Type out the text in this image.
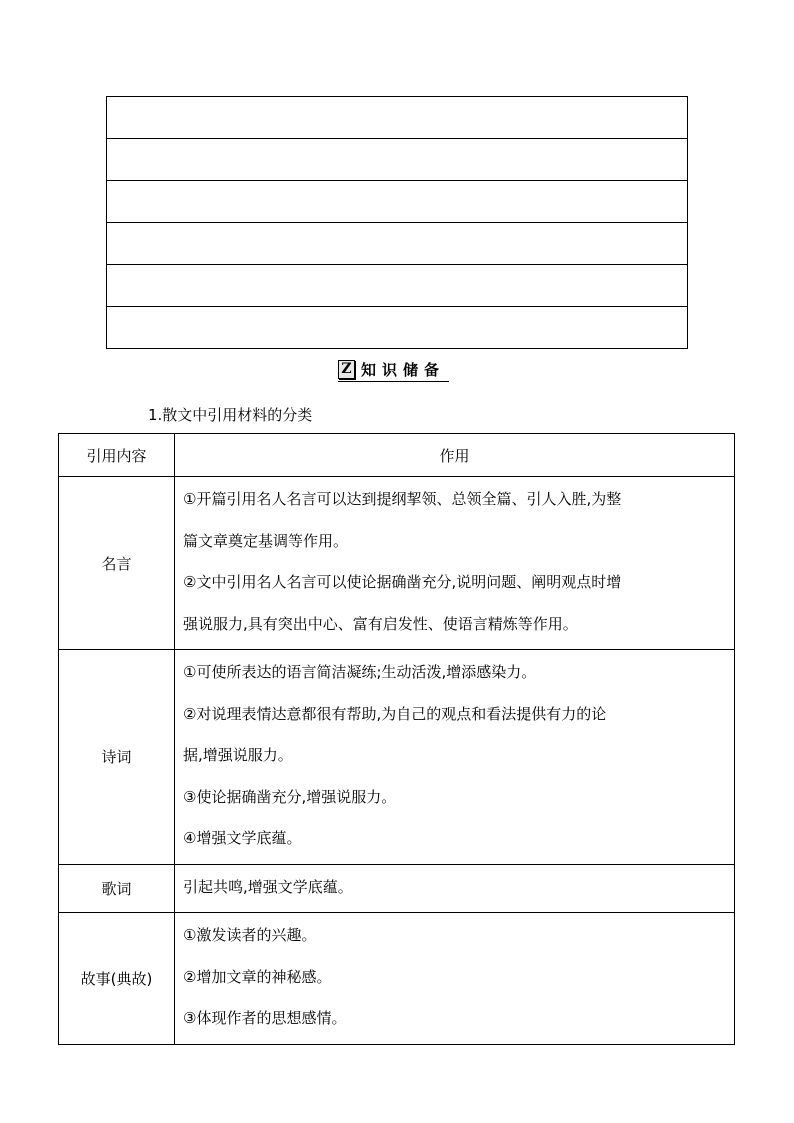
Z 知识储备
1.散文中引用材料的分类
引用内容	作用
名言	①开篇引用名人名言可以达到提纲挈领、总领全篇、引人入胜,为整

篇文章奠定基调等作用。

②文中引用名人名言可以使论据确凿充分,说明问题、阐明观点时增

强说服力,具有突出中心、富有启发性、使语言精炼等作用。

诗词	①可使所表达的语言简洁凝练;生动活泼,增添感染力。

②对说理表情达意都很有帮助,为自己的观点和看法提供有力的论

据,增强说服力。

③使论据确凿充分,增强说服力。

④增强文学底蕴。

歌词	引起共鸣,增强文学底蕴。

故事(典故)	①激发读者的兴趣。

②增加文章的神秘感。

③体现作者的思想感情。
